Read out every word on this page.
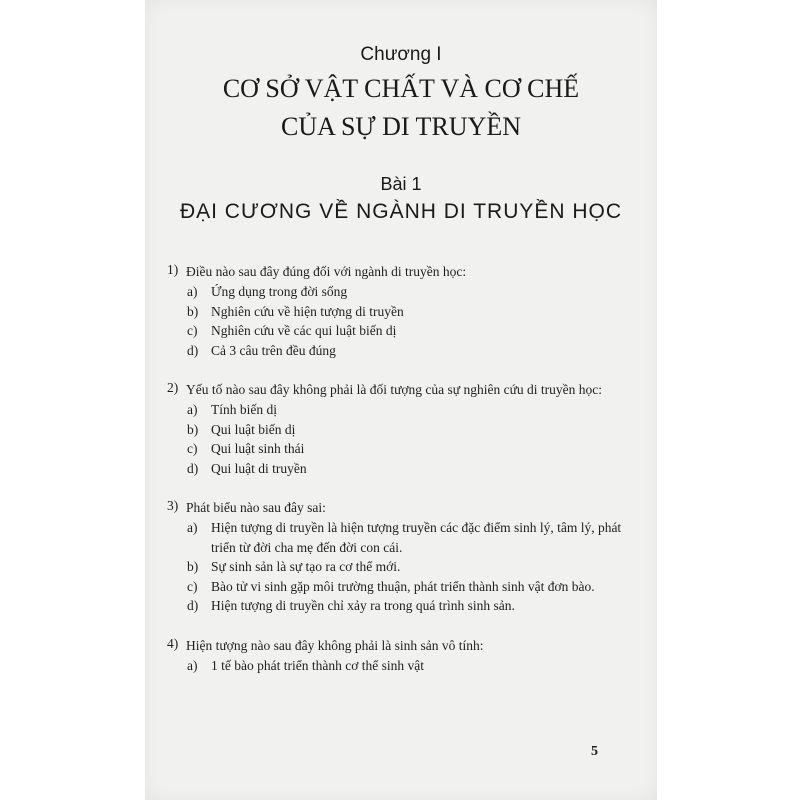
Chương I

CƠ SỞ VẬT CHẤT VÀ CƠ CHẾ
CỦA SỰ DI TRUYỀN

Bài 1

ĐẠI CƯƠNG VỀ NGÀNH DI TRUYỀN HỌC
1) Điều nào sau đây đúng đối với ngành di truyền học:
a)	Ứng dụng trong đời sống
b) Nghiên cứu về hiện tượng di truyền
c)	Nghiên cứu về các qui luật biến dị
d) Cả 3 câu trên đều đúng
2) Yếu tố nào sau đây không phải là đối tượng của sự nghiên cứu di truyền học:
a)	Tính biến dị
b) Qui luật biến dị
c)	Qui luật sinh thái
d) Qui luật di truyền
3) Phát biểu nào sau đây sai:
a)	Hiện tượng di truyền là hiện tượng truyền các đặc điểm sinh lý, tâm lý, phát triển từ đời cha mẹ đến đời con cái.
b) Sự sinh sản là sự tạo ra cơ thể mới.
c)	Bào tử vi sinh gặp môi trường thuận, phát triển thành sinh vật đơn bào.
d) Hiện tượng di truyền chỉ xảy ra trong quá trình sinh sản.
4) Hiện tượng nào sau đây không phải là sinh sản vô tính:
a)	1 tế bào phát triển thành cơ thể sinh vật
5
